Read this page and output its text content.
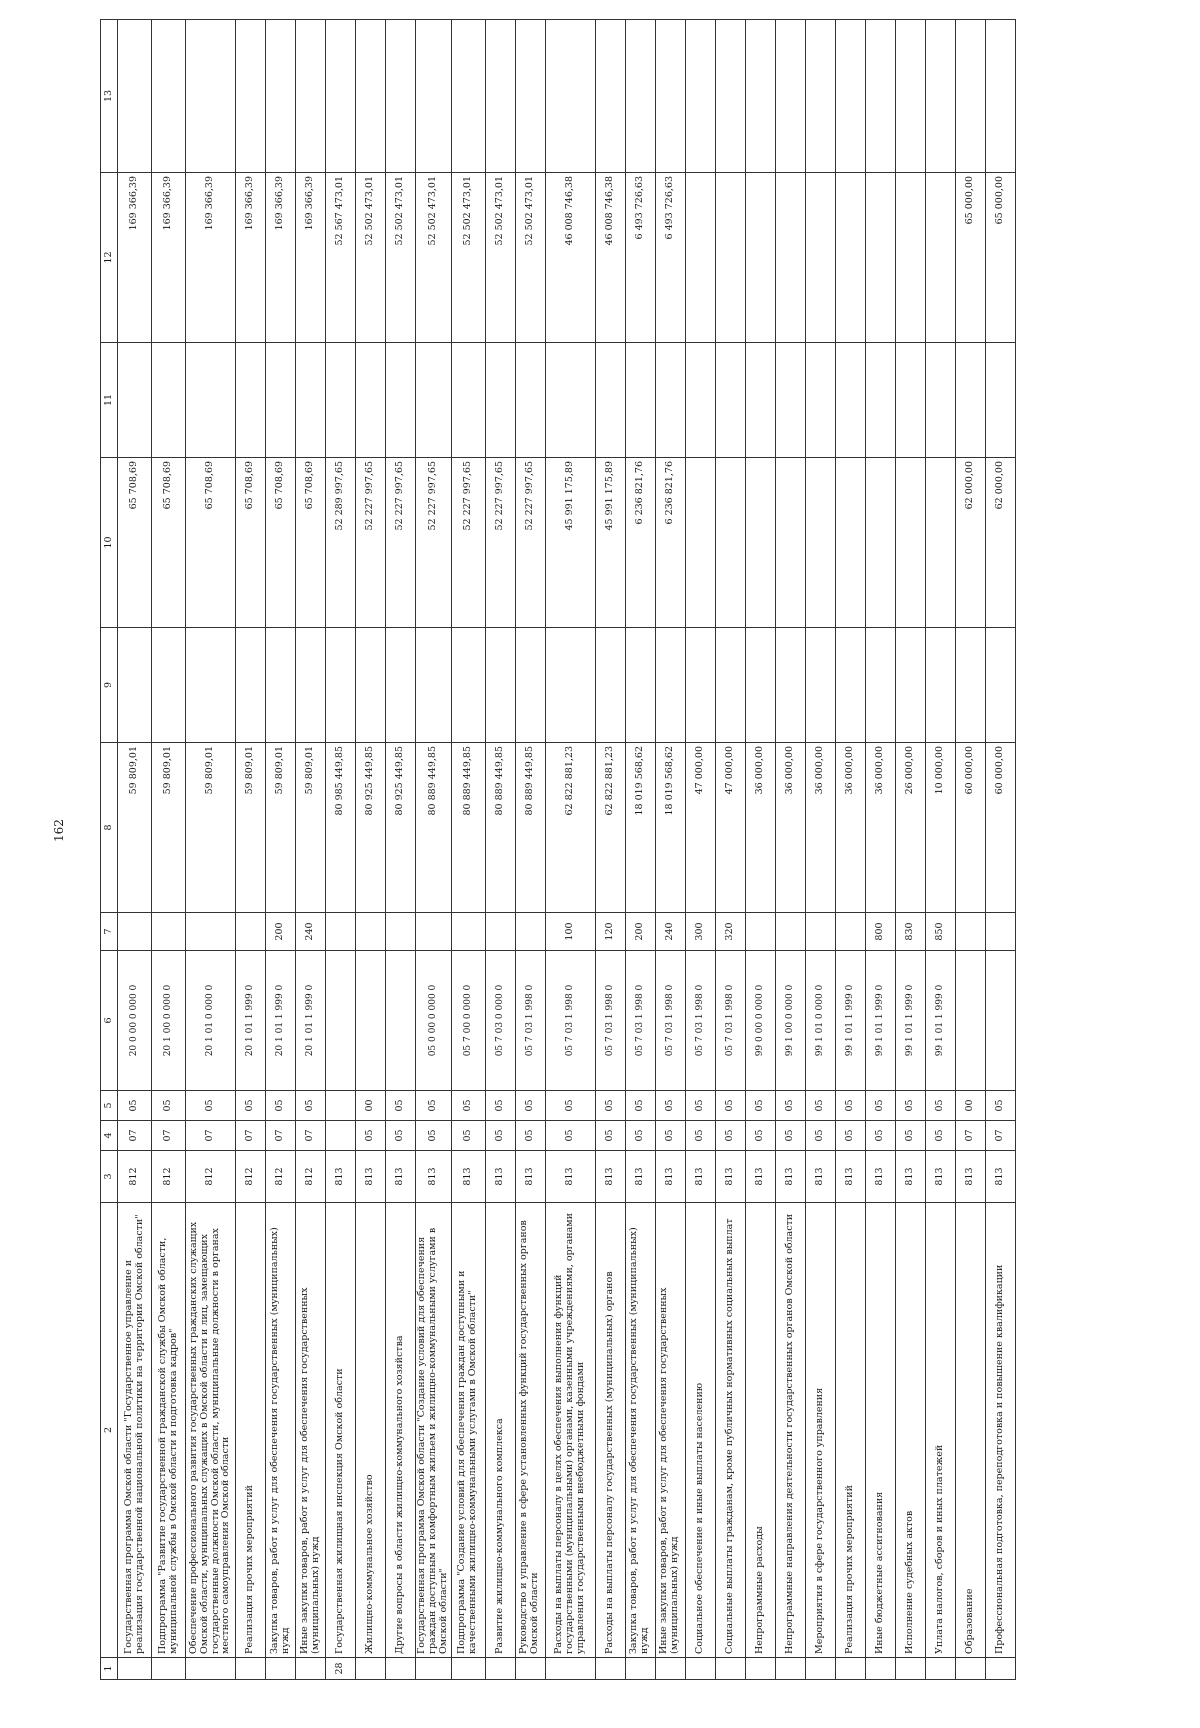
162
1	2	3	4	5	6	7	8	9	10	11	12	13
	Государственная программа Омской области "Государственное управление и реализация государственной национальной политики на территории Омской области"	812	07	05	20 0 00 0 000 0		59 809,01		65 708,69		169 366,39	
	Подпрограмма "Развитие государственной гражданской службы Омской области, муниципальной службы в Омской области и подготовка кадров"	812	07	05	20 1 00 0 000 0		59 809,01		65 708,69		169 366,39	
	Обеспечение профессионального развития государственных гражданских служащих Омской области, муниципальных служащих в Омской области и лиц, замещающих государственные должности Омской области, муниципальные должности в органах местного самоуправления Омской области	812	07	05	20 1 01 0 000 0		59 809,01		65 708,69		169 366,39	
	Реализация прочих мероприятий	812	07	05	20 1 01 1 999 0		59 809,01		65 708,69		169 366,39	
	Закупка товаров, работ и услуг для обеспечения государственных (муниципальных) нужд	812	07	05	20 1 01 1 999 0	200	59 809,01		65 708,69		169 366,39	
	Иные закупки товаров, работ и услуг для обеспечения государственных (муниципальных) нужд	812	07	05	20 1 01 1 999 0	240	59 809,01		65 708,69		169 366,39	
28	Государственная жилищная инспекция Омской области	813					80 985 449,85		52 289 997,65		52 567 473,01	
	Жилищно-коммунальное хозяйство	813	05	00			80 925 449,85		52 227 997,65		52 502 473,01	
	Другие вопросы в области жилищно-коммунального хозяйства	813	05	05			80 925 449,85		52 227 997,65		52 502 473,01	
	Государственная программа Омской области "Создание условий для обеспечения граждан доступным и комфортным жильем и жилищно-коммунальными услугами в Омской области"	813	05	05	05 0 00 0 000 0		80 889 449,85		52 227 997,65		52 502 473,01	
	Подпрограмма "Создание условий для обеспечения граждан доступными и качественными жилищно-коммунальными услугами в Омской области"	813	05	05	05 7 00 0 000 0		80 889 449,85		52 227 997,65		52 502 473,01	
	Развитие жилищно-коммунального комплекса	813	05	05	05 7 03 0 000 0		80 889 449,85		52 227 997,65		52 502 473,01	
	Руководство и управление в сфере установленных функций государственных органов Омской области	813	05	05	05 7 03 1 998 0		80 889 449,85		52 227 997,65		52 502 473,01	
	Расходы на выплаты персоналу в целях обеспечения выполнения функций государственными (муниципальными) органами, казенными учреждениями, органами управления государственными внебюджетными фондами	813	05	05	05 7 03 1 998 0	100	62 822 881,23		45 991 175,89		46 008 746,38	
	Расходы на выплаты персоналу государственных (муниципальных) органов	813	05	05	05 7 03 1 998 0	120	62 822 881,23		45 991 175,89		46 008 746,38	
	Закупка товаров, работ и услуг для обеспечения государственных (муниципальных) нужд	813	05	05	05 7 03 1 998 0	200	18 019 568,62		6 236 821,76		6 493 726,63	
	Иные закупки товаров, работ и услуг для обеспечения государственных (муниципальных) нужд	813	05	05	05 7 03 1 998 0	240	18 019 568,62		6 236 821,76		6 493 726,63	
	Социальное обеспечение и иные выплаты населению	813	05	05	05 7 03 1 998 0	300	47 000,00					
	Социальные выплаты гражданам, кроме публичных нормативных социальных выплат	813	05	05	05 7 03 1 998 0	320	47 000,00					
	Непрограммные расходы	813	05	05	99 0 00 0 000 0		36 000,00					
	Непрограммные направления деятельности государственных органов Омской области	813	05	05	99 1 00 0 000 0		36 000,00					
	Мероприятия в сфере государственного управления	813	05	05	99 1 01 0 000 0		36 000,00					
	Реализация прочих мероприятий	813	05	05	99 1 01 1 999 0		36 000,00					
	Иные бюджетные ассигнования	813	05	05	99 1 01 1 999 0	800	36 000,00					
	Исполнение судебных актов	813	05	05	99 1 01 1 999 0	830	26 000,00					
	Уплата налогов, сборов и иных платежей	813	05	05	99 1 01 1 999 0	850	10 000,00					
	Образование	813	07	00			60 000,00		62 000,00		65 000,00	
	Профессиональная подготовка, переподготовка и повышение квалификации	813	07	05			60 000,00		62 000,00		65 000,00	
